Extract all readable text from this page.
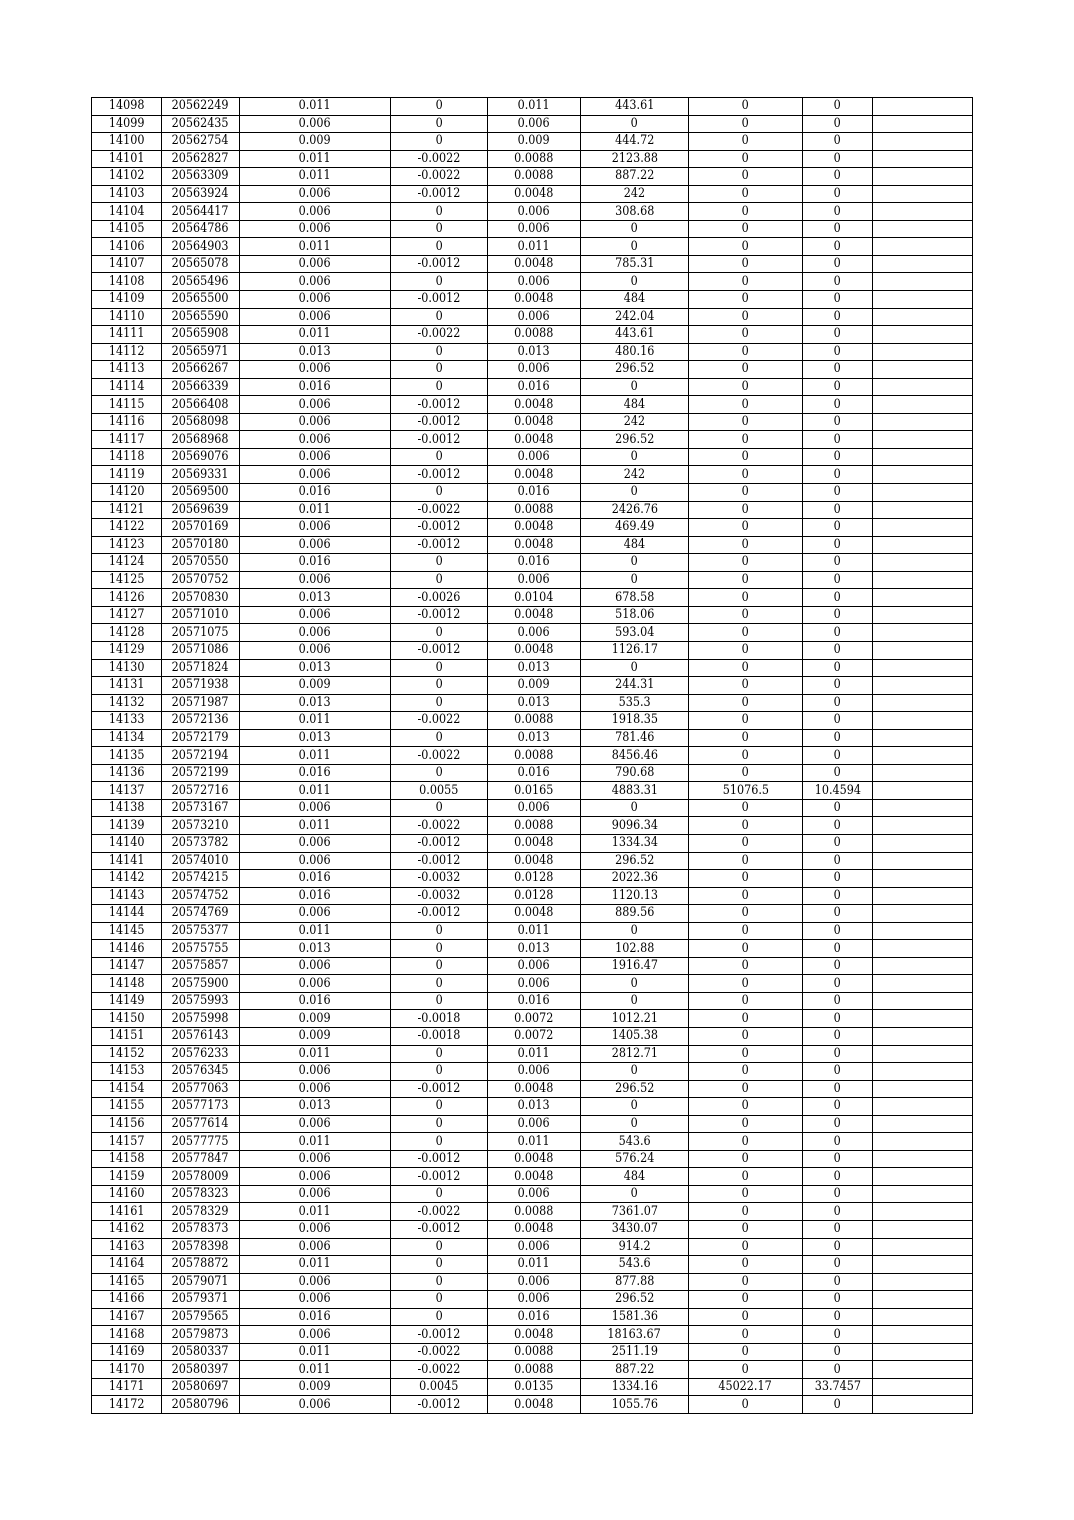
14098	20562249	0.011	0	0.011	443.61	0	0	
14099	20562435	0.006	0	0.006	0	0	0	
14100	20562754	0.009	0	0.009	444.72	0	0	
14101	20562827	0.011	-0.0022	0.0088	2123.88	0	0	
14102	20563309	0.011	-0.0022	0.0088	887.22	0	0	
14103	20563924	0.006	-0.0012	0.0048	242	0	0	
14104	20564417	0.006	0	0.006	308.68	0	0	
14105	20564786	0.006	0	0.006	0	0	0	
14106	20564903	0.011	0	0.011	0	0	0	
14107	20565078	0.006	-0.0012	0.0048	785.31	0	0	
14108	20565496	0.006	0	0.006	0	0	0	
14109	20565500	0.006	-0.0012	0.0048	484	0	0	
14110	20565590	0.006	0	0.006	242.04	0	0	
14111	20565908	0.011	-0.0022	0.0088	443.61	0	0	
14112	20565971	0.013	0	0.013	480.16	0	0	
14113	20566267	0.006	0	0.006	296.52	0	0	
14114	20566339	0.016	0	0.016	0	0	0	
14115	20566408	0.006	-0.0012	0.0048	484	0	0	
14116	20568098	0.006	-0.0012	0.0048	242	0	0	
14117	20568968	0.006	-0.0012	0.0048	296.52	0	0	
14118	20569076	0.006	0	0.006	0	0	0	
14119	20569331	0.006	-0.0012	0.0048	242	0	0	
14120	20569500	0.016	0	0.016	0	0	0	
14121	20569639	0.011	-0.0022	0.0088	2426.76	0	0	
14122	20570169	0.006	-0.0012	0.0048	469.49	0	0	
14123	20570180	0.006	-0.0012	0.0048	484	0	0	
14124	20570550	0.016	0	0.016	0	0	0	
14125	20570752	0.006	0	0.006	0	0	0	
14126	20570830	0.013	-0.0026	0.0104	678.58	0	0	
14127	20571010	0.006	-0.0012	0.0048	518.06	0	0	
14128	20571075	0.006	0	0.006	593.04	0	0	
14129	20571086	0.006	-0.0012	0.0048	1126.17	0	0	
14130	20571824	0.013	0	0.013	0	0	0	
14131	20571938	0.009	0	0.009	244.31	0	0	
14132	20571987	0.013	0	0.013	535.3	0	0	
14133	20572136	0.011	-0.0022	0.0088	1918.35	0	0	
14134	20572179	0.013	0	0.013	781.46	0	0	
14135	20572194	0.011	-0.0022	0.0088	8456.46	0	0	
14136	20572199	0.016	0	0.016	790.68	0	0	
14137	20572716	0.011	0.0055	0.0165	4883.31	51076.5	10.4594	
14138	20573167	0.006	0	0.006	0	0	0	
14139	20573210	0.011	-0.0022	0.0088	9096.34	0	0	
14140	20573782	0.006	-0.0012	0.0048	1334.34	0	0	
14141	20574010	0.006	-0.0012	0.0048	296.52	0	0	
14142	20574215	0.016	-0.0032	0.0128	2022.36	0	0	
14143	20574752	0.016	-0.0032	0.0128	1120.13	0	0	
14144	20574769	0.006	-0.0012	0.0048	889.56	0	0	
14145	20575377	0.011	0	0.011	0	0	0	
14146	20575755	0.013	0	0.013	102.88	0	0	
14147	20575857	0.006	0	0.006	1916.47	0	0	
14148	20575900	0.006	0	0.006	0	0	0	
14149	20575993	0.016	0	0.016	0	0	0	
14150	20575998	0.009	-0.0018	0.0072	1012.21	0	0	
14151	20576143	0.009	-0.0018	0.0072	1405.38	0	0	
14152	20576233	0.011	0	0.011	2812.71	0	0	
14153	20576345	0.006	0	0.006	0	0	0	
14154	20577063	0.006	-0.0012	0.0048	296.52	0	0	
14155	20577173	0.013	0	0.013	0	0	0	
14156	20577614	0.006	0	0.006	0	0	0	
14157	20577775	0.011	0	0.011	543.6	0	0	
14158	20577847	0.006	-0.0012	0.0048	576.24	0	0	
14159	20578009	0.006	-0.0012	0.0048	484	0	0	
14160	20578323	0.006	0	0.006	0	0	0	
14161	20578329	0.011	-0.0022	0.0088	7361.07	0	0	
14162	20578373	0.006	-0.0012	0.0048	3430.07	0	0	
14163	20578398	0.006	0	0.006	914.2	0	0	
14164	20578872	0.011	0	0.011	543.6	0	0	
14165	20579071	0.006	0	0.006	877.88	0	0	
14166	20579371	0.006	0	0.006	296.52	0	0	
14167	20579565	0.016	0	0.016	1581.36	0	0	
14168	20579873	0.006	-0.0012	0.0048	18163.67	0	0	
14169	20580337	0.011	-0.0022	0.0088	2511.19	0	0	
14170	20580397	0.011	-0.0022	0.0088	887.22	0	0	
14171	20580697	0.009	0.0045	0.0135	1334.16	45022.17	33.7457	
14172	20580796	0.006	-0.0012	0.0048	1055.76	0	0	
